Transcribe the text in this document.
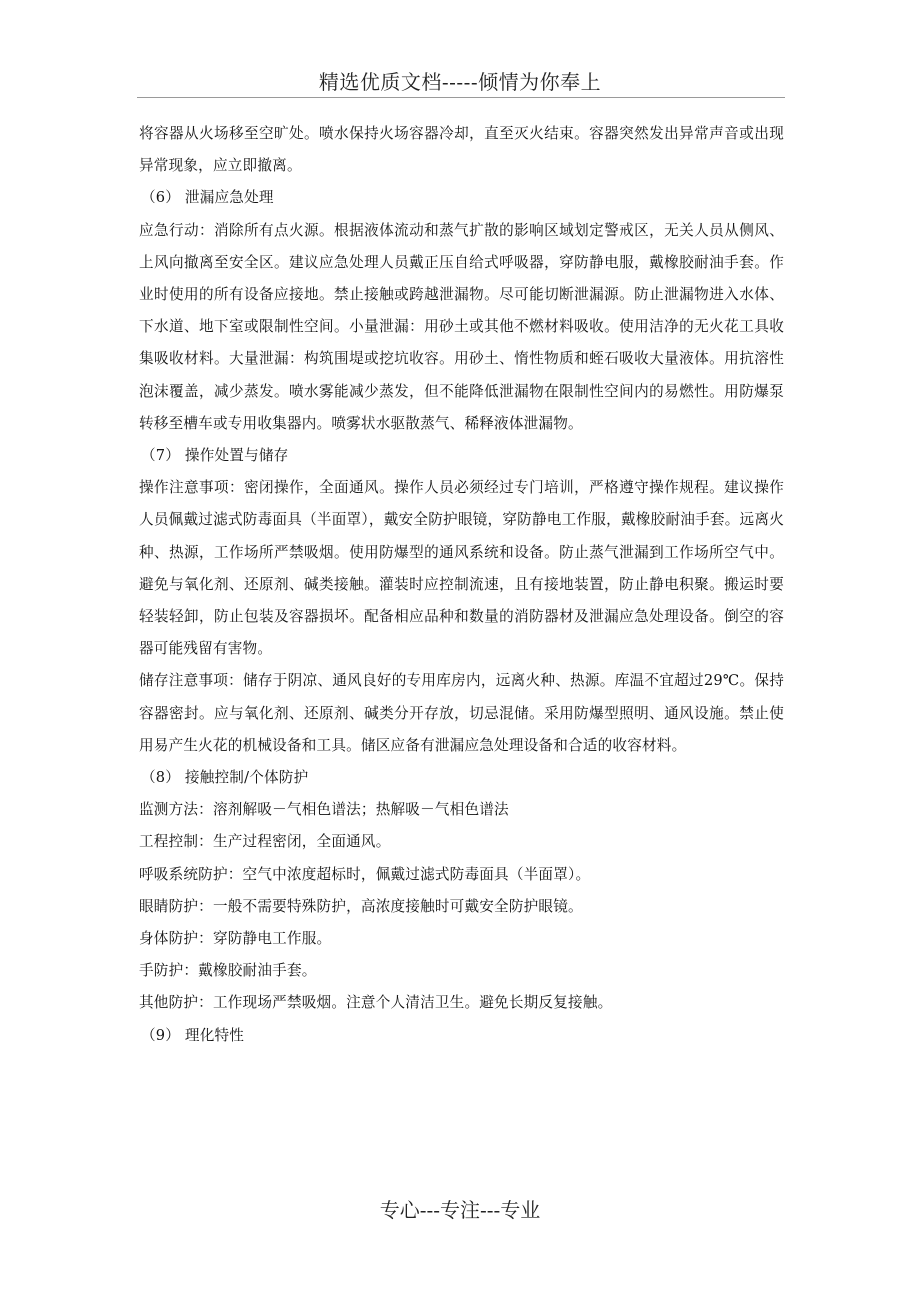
精选优质文档-----倾情为你奉上

将容器从火场移至空旷处。喷水保持火场容器冷却，直至灭火结束。容器突然发出异常声音或出现异常现象，应立即撤离。

（6） 泄漏应急处理

应急行动：消除所有点火源。根据液体流动和蒸气扩散的影响区域划定警戒区，无关人员从侧风、上风向撤离至安全区。建议应急处理人员戴正压自给式呼吸器，穿防静电服，戴橡胶耐油手套。作业时使用的所有设备应接地。禁止接触或跨越泄漏物。尽可能切断泄漏源。防止泄漏物进入水体、下水道、地下室或限制性空间。小量泄漏：用砂土或其他不燃材料吸收。使用洁净的无火花工具收集吸收材料。大量泄漏：构筑围堤或挖坑收容。用砂土、惰性物质和蛭石吸收大量液体。用抗溶性泡沫覆盖，减少蒸发。喷水雾能减少蒸发，但不能降低泄漏物在限制性空间内的易燃性。用防爆泵转移至槽车或专用收集器内。喷雾状水驱散蒸气、稀释液体泄漏物。

（7） 操作处置与储存

操作注意事项：密闭操作，全面通风。操作人员必须经过专门培训，严格遵守操作规程。建议操作人员佩戴过滤式防毒面具（半面罩），戴安全防护眼镜，穿防静电工作服，戴橡胶耐油手套。远离火种、热源，工作场所严禁吸烟。使用防爆型的通风系统和设备。防止蒸气泄漏到工作场所空气中。避免与氧化剂、还原剂、碱类接触。灌装时应控制流速，且有接地装置，防止静电积聚。搬运时要轻装轻卸，防止包装及容器损坏。配备相应品种和数量的消防器材及泄漏应急处理设备。倒空的容器可能残留有害物。

储存注意事项：储存于阴凉、通风良好的专用库房内，远离火种、热源。库温不宜超过29℃。保持容器密封。应与氧化剂、还原剂、碱类分开存放，切忌混储。采用防爆型照明、通风设施。禁止使用易产生火花的机械设备和工具。储区应备有泄漏应急处理设备和合适的收容材料。

（8） 接触控制/个体防护

监测方法：溶剂解吸－气相色谱法；热解吸－气相色谱法

工程控制：生产过程密闭，全面通风。

呼吸系统防护：空气中浓度超标时，佩戴过滤式防毒面具（半面罩）。

眼睛防护：一般不需要特殊防护，高浓度接触时可戴安全防护眼镜。

身体防护：穿防静电工作服。

手防护：戴橡胶耐油手套。

其他防护：工作现场严禁吸烟。注意个人清洁卫生。避免长期反复接触。

（9） 理化特性

专心---专注---专业
